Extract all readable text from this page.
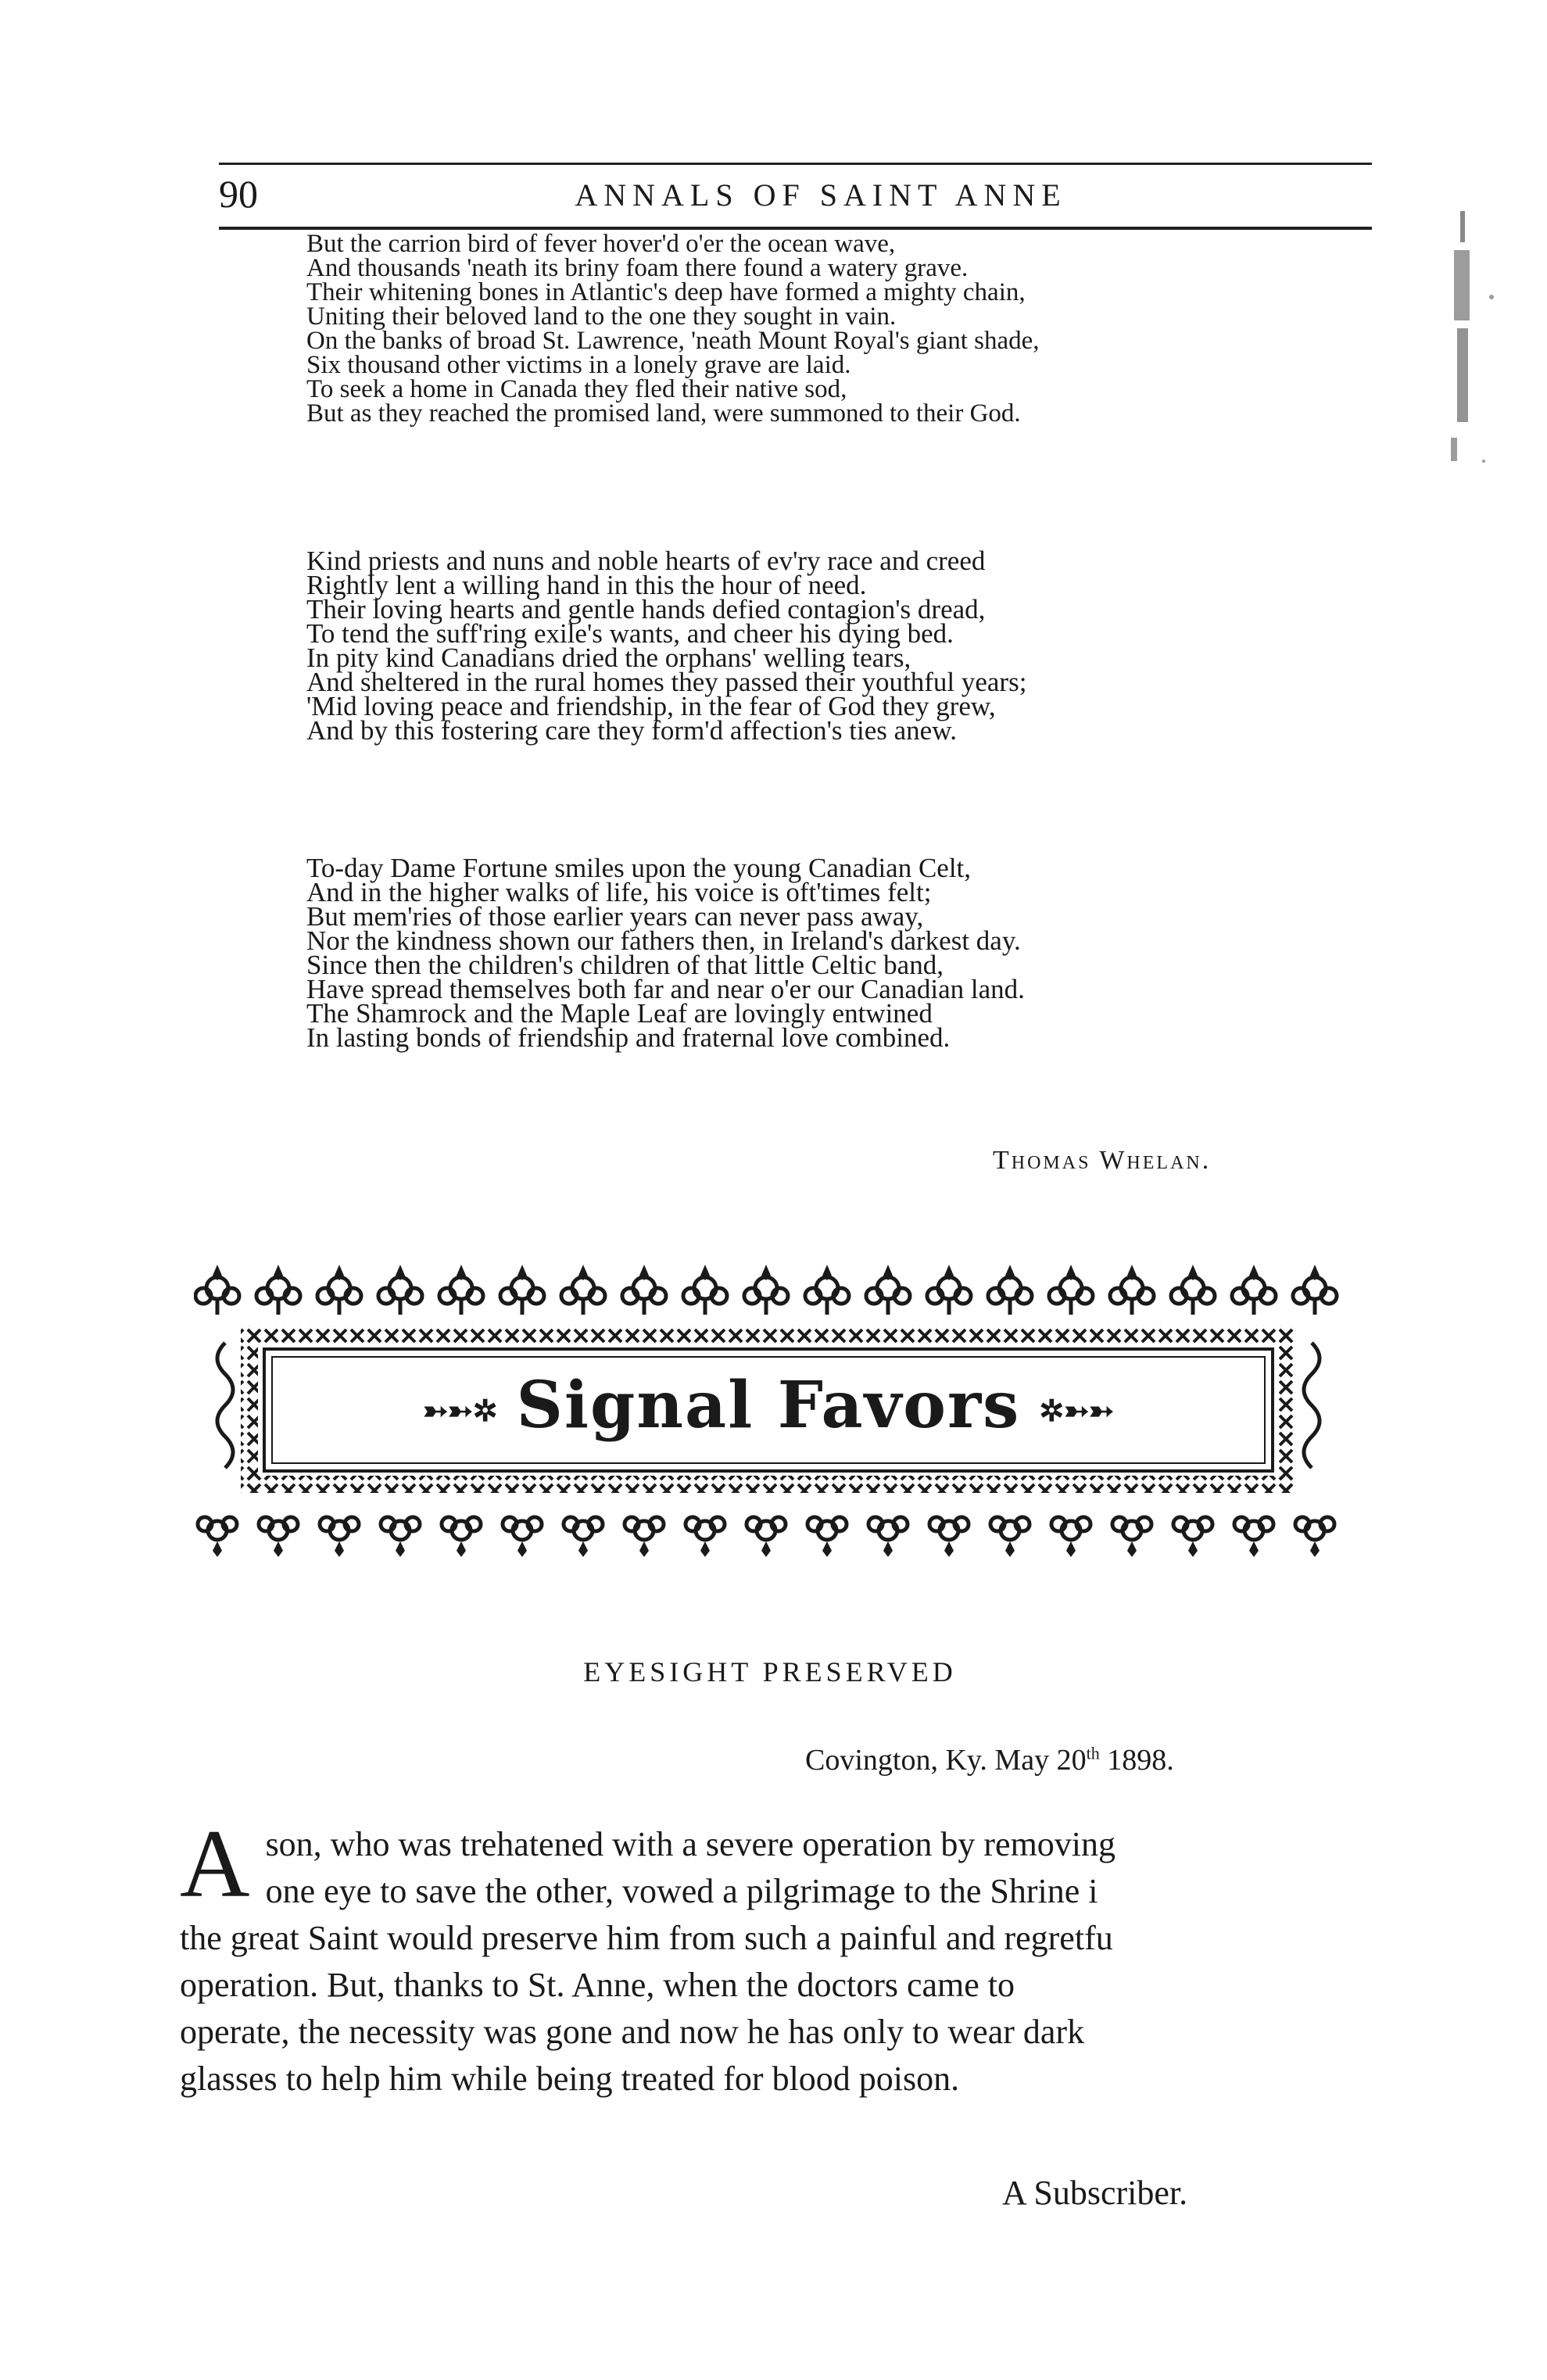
90	ANNALS OF SAINT ANNE
But the carrion bird of fever hover'd o'er the ocean wave,
And thousands 'neath its briny foam there found a watery grave.
Their whitening bones in Atlantic's deep have formed a mighty chain,
Uniting their beloved land to the one they sought in vain.
On the banks of broad St. Lawrence, 'neath Mount Royal's giant shade,
Six thousand other victims in a lonely grave are laid.
To seek a home in Canada they fled their native sod,
But as they reached the promised land, were summoned to their God.
Kind priests and nuns and noble hearts of ev'ry race and creed
Rightly lent a willing hand in this the hour of need.
Their loving hearts and gentle hands defied contagion's dread,
To tend the suff'ring exile's wants, and cheer his dying bed.
In pity kind Canadians dried the orphans' welling tears,
And sheltered in the rural homes they passed their youthful years;
'Mid loving peace and friendship, in the fear of God they grew,
And by this fostering care they form'd affection's ties anew.
To-day Dame Fortune smiles upon the young Canadian Celt,
And in the higher walks of life, his voice is oft'times felt;
But mem'ries of those earlier years can never pass away,
Nor the kindness shown our fathers then, in Ireland's darkest day.
Since then the children's children of that little Celtic band,
Have spread themselves both far and near o'er our Canadian land.
The Shamrock and the Maple Leaf are lovingly entwined
In lasting bonds of friendship and fraternal love combined.
Thomas Whelan.
➳➳✲ Signal Favors ✲➳➳
EYESIGHT PRESERVED
Covington, Ky. May 20th 1898.
A son, who was trehatened with a severe operation by removing
one eye to save the other, vowed a pilgrimage to the Shrine i
the great Saint would preserve him from such a painful and regretfu
operation. But, thanks to St. Anne, when the doctors came to
operate, the necessity was gone and now he has only to wear dark
glasses to help him while being treated for blood poison.
A Subscriber.
